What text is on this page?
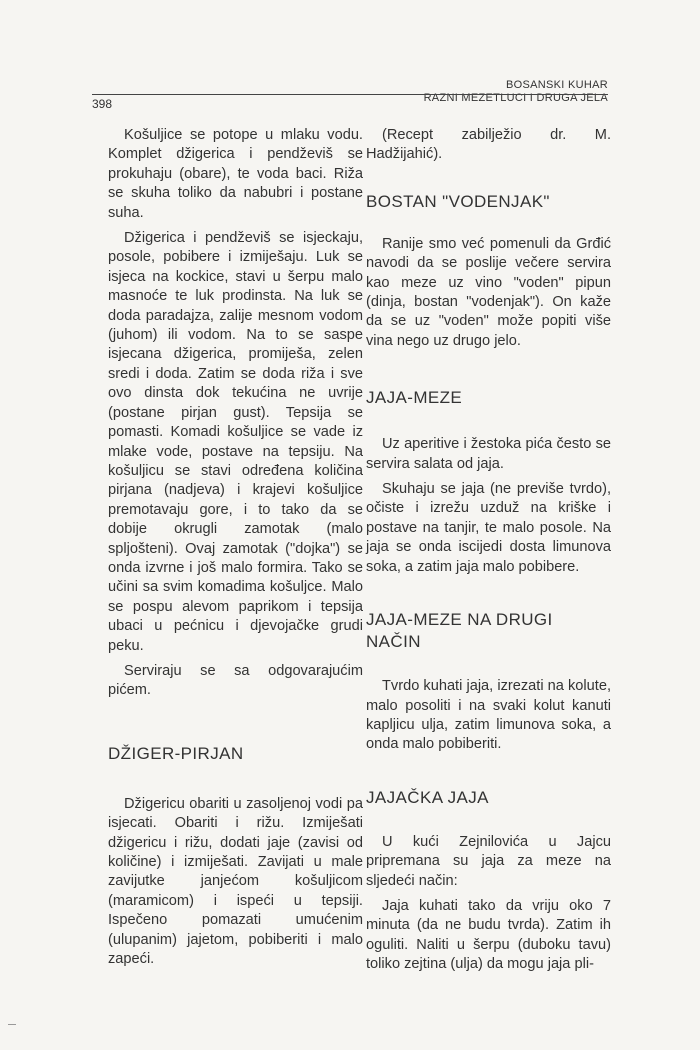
BOSANSKI KUHAR
RAZNI MEZETLUCI I DRUGA JELA
398

Košuljice se potope u mlaku vodu. Komplet džigerica i pendževiš se prokuhaju (obare), te voda baci. Riža se skuha toliko da nabubri i postane suha.

Džigerica i pendževiš se isjeckaju, posole, pobibere i izmiješaju. Luk se isjeca na kockice, stavi u šerpu malo masnoće te luk prodinsta. Na luk se doda paradajza, zalije mesnom vodom (juhom) ili vodom. Na to se saspe isjecana džigerica, promiješa, zelen sredi i doda. Zatim se doda riža i sve ovo dinsta dok tekućina ne uvrije (postane pirjan gust). Tepsija se pomasti. Komadi košuljice se vade iz mlake vode, postave na tepsiju. Na košuljicu se stavi određena količina pirjana (nadjeva) i krajevi košuljice premotavaju gore, i to tako da se dobije okrugli zamotak (malo spljošteni). Ovaj zamotak ("dojka") se onda izvrne i još malo formira. Tako se učini sa svim komadima košuljce. Malo se pospu alevom paprikom i tepsija ubaci u pećnicu i djevojačke grudi peku.

Serviraju se sa odgovarajućim pićem.

DŽIGER-PIRJAN

Džigericu obariti u zasoljenoj vodi pa isjecati. Obariti i rižu. Izmiješati džigericu i rižu, dodati jaje (zavisi od količine) i izmiješati. Zavijati u male zavijutke janjećom košuljicom (maramicom) i ispeći u tepsiji. Ispečeno pomazati umućenim (ulupanim) jajetom, pobiberiti i malo zapeći.

(Recept zabilježio dr. M. Hadžijahić).

BOSTAN "VODENJAK"

Ranije smo već pomenuli da Grđić navodi da se poslije večere servira kao meze uz vino "voden" pipun (dinja, bostan "vodenjak"). On kaže da se uz "voden" može popiti više vina nego uz drugo jelo.

JAJA-MEZE

Uz aperitive i žestoka pića često se servira salata od jaja.

Skuhaju se jaja (ne previše tvrdo), očiste i izrežu uzduž na kriške i postave na tanjir, te malo posole. Na jaja se onda iscijedi dosta limunova soka, a zatim jaja malo pobibere.

JAJA-MEZE NA DRUGI NAČIN

Tvrdo kuhati jaja, izrezati na kolute, malo posoliti i na svaki kolut kanuti kapljicu ulja, zatim limunova soka, a onda malo pobiberiti.

JAJAČKA JAJA

U kući Zejnilovića u Jajcu pripremana su jaja za meze na sljedeći način:

Jaja kuhati tako da vriju oko 7 minuta (da ne budu tvrda). Zatim ih oguliti. Naliti u šerpu (duboku tavu) toliko zejtina (ulja) da mogu jaja pli-
